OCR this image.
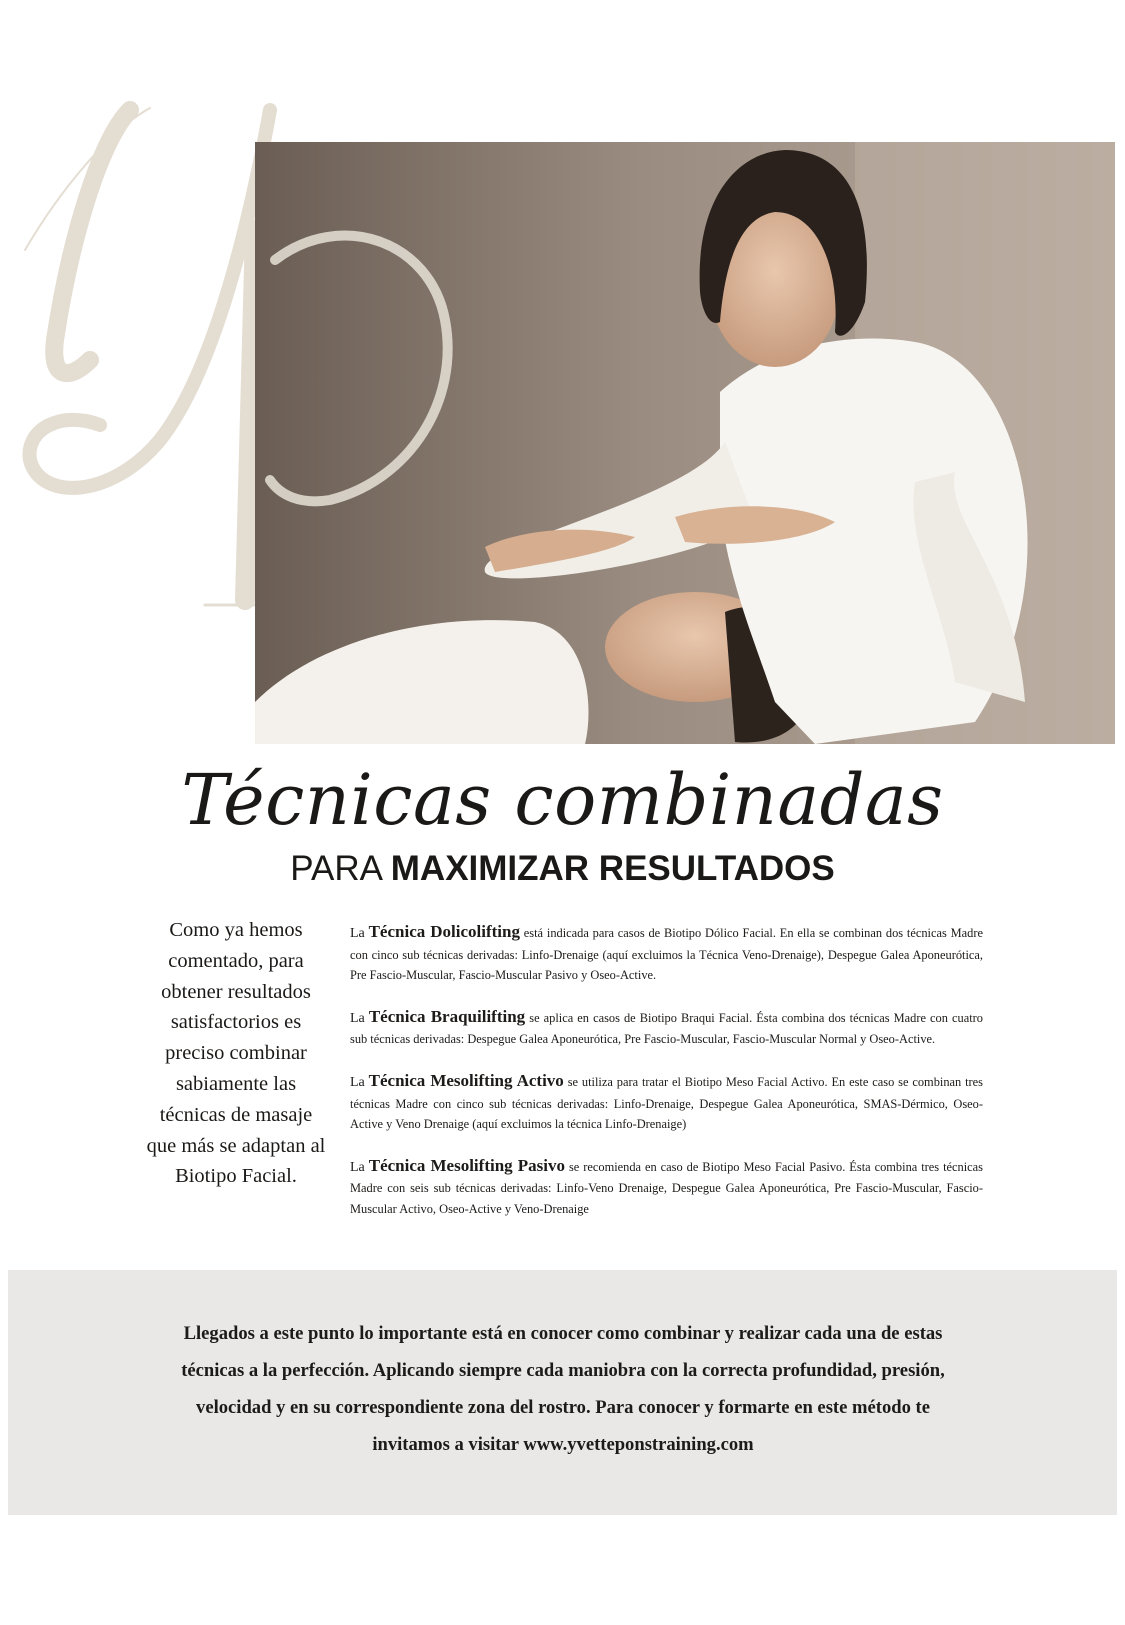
Técnicas combinadas

PARA MAXIMIZAR RESULTADOS

Como ya hemos comentado, para obtener resultados satisfactorios es preciso combinar sabiamente las técnicas de masaje que más se adaptan al Biotipo Facial.

La Técnica Dolicolifting está indicada para casos de Biotipo Dólico Facial. En ella se combinan dos técnicas Madre con cinco sub técnicas derivadas: Linfo-Drenaige (aquí excluimos la Técnica Veno-Drenaige), Despegue Galea Aponeurótica, Pre Fascio-Muscular, Fascio-Muscular Pasivo y Oseo-Active.

La Técnica Braquilifting se aplica en casos de Biotipo Braqui Facial. Ésta combina dos técnicas Madre con cuatro sub técnicas derivadas: Despegue Galea Aponeurótica, Pre Fascio-Muscular, Fascio-Muscular Normal y Oseo-Active.

La Técnica Mesolifting Activo se utiliza para tratar el Biotipo Meso Facial Activo. En este caso se combinan tres técnicas Madre con cinco sub técnicas derivadas: Linfo-Drenaige, Despegue Galea Aponeurótica, SMAS-Dérmico, Oseo-Active y Veno Drenaige (aquí excluimos la técnica Linfo-Drenaige)

La Técnica Mesolifting Pasivo se recomienda en caso de Biotipo Meso Facial Pasivo. Ésta combina tres técnicas Madre con seis sub técnicas derivadas: Linfo-Veno Drenaige, Despegue Galea Aponeurótica, Pre Fascio-Muscular, Fascio-Muscular Activo, Oseo-Active y Veno-Drenaige

Llegados a este punto lo importante está en conocer como combinar y realizar cada una de estas técnicas a la perfección. Aplicando siempre cada maniobra con la correcta profundidad, presión, velocidad y en su correspondiente zona del rostro. Para conocer y formarte en este método te invitamos a visitar www.yvetteponstraining.com
